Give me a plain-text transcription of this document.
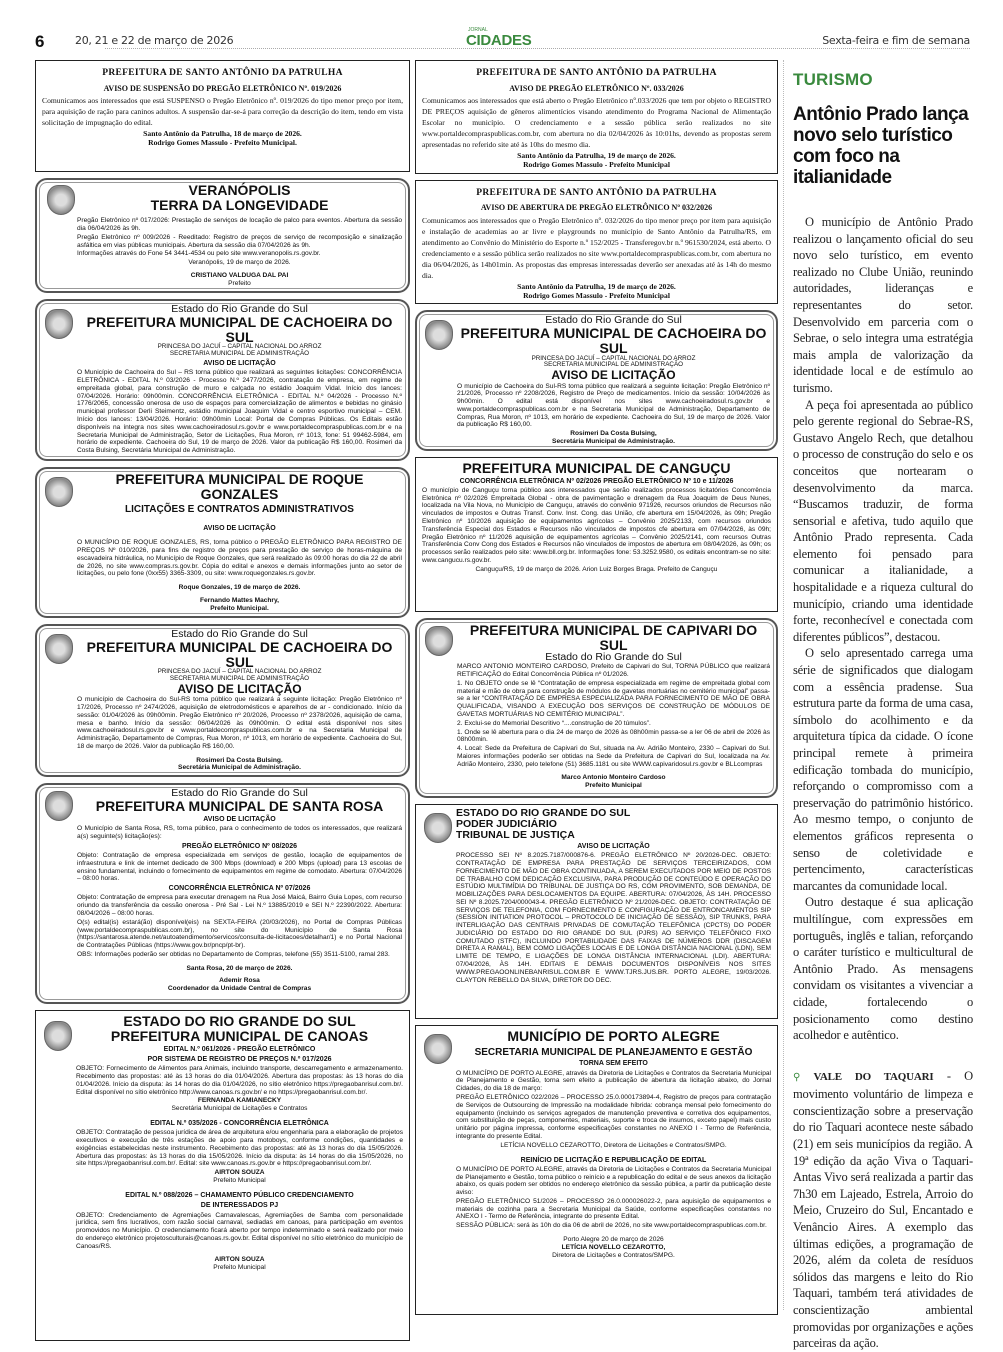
6	20, 21 e 22 de março de 2026
JORNAL
CIDADES	Sexta-feira e fim de semana
PREFEITURA DE SANTO ANTÔNIO DA PATRULHA
AVISO DE SUSPENSÃO DO PREGÃO ELETRÔNICO Nº. 019/2026
Comunicamos aos interessados que está SUSPENSO o Pregão Eletrônico nº. 019/2026 do tipo menor preço por item, para aquisição de ração para caninos adultos. A suspensão dar-se-á para correção da descrição do item, tendo em vista solicitação de impugnação do edital.
Santo Antônio da Patrulha, 18 de março de 2026.
Rodrigo Gomes Massulo - Prefeito Municipal.
VERANÓPOLIS
TERRA DA LONGEVIDADE
Pregão Eletrônico nº 017/2026: Prestação de serviços de locação de palco para eventos. Abertura da sessão dia 06/04/2026 às 9h.
Pregão Eletrônico nº 009/2026 - Reeditado: Registro de preços de serviço de recomposição e sinalização asfáltica em vias públicas municipais. Abertura da sessão dia 07/04/2026 às 9h.
Informações através do Fone 54 3441-4534 ou pelo site www.veranopolis.rs.gov.br.
Veranópolis, 19 de março de 2026.
CRISTIANO VALDUGA DAL PAI
Prefeito
Estado do Rio Grande do Sul
PREFEITURA MUNICIPAL DE CACHOEIRA DO SUL
PRINCESA DO JACUÍ – CAPITAL NACIONAL DO ARROZ
SECRETARIA MUNICIPAL DE ADMINISTRAÇÃO
AVISO DE LICITAÇÃO
O Município de Cachoeira do Sul – RS torna público que realizará as seguintes licitações: CONCORRÊNCIA ELETRÔNICA - EDITAL N.º 03/2026 - Processo N.º 2477/2026, contratação de empresa, em regime de empreitada global, para construção de muro e calçada no estádio Joaquim Vidal. Início dos lances: 07/04/2026. Horário: 09h00min. CONCORRÊNCIA ELETRÔNICA - EDITAL N.º 04/2026 - Processo N.º 1776/2065, concessão onerosa de uso de espaços para comercialização de alimentos e bebidas no ginásio municipal professor Derli Steimentz, estádio municipal Joaquim Vidal e centro esportivo municipal – CEM. Início dos lances: 13/04/2026. Horário: 09h00min Local: Portal de Compras Públicas. Os Editais estão disponíveis na íntegra nos sites www.cachoeiradosul.rs.gov.br e www.portaldecompraspublicas.com.br e na Secretaria Municipal de Administração, Setor de Licitações, Rua Moron, nº 1013, fone: 51 99462-5984, em horário de expediente. Cachoeira do Sul, 19 de março de 2026. Valor da publicação R$ 160,00. Rosimeri da Costa Bulsing, Secretária Municipal de Administração.
PREFEITURA MUNICIPAL DE ROQUE GONZALES
LICITAÇÕES E CONTRATOS ADMINISTRATIVOS
AVISO DE LICITAÇÃO
O MUNICÍPIO DE ROQUE GONZALES, RS, torna público o PREGÃO ELETRÔNICO PARA REGISTRO DE PREÇOS Nº 010/2026, para fins de registro de preços para prestação de serviço de horas-máquina de escavadeira hidráulica, no Município de Roque Gonzales, que será realizado às 09:00 horas do dia 22 de abril de 2026, no site www.compras.rs.gov.br. Cópia do edital e anexos e demais informações junto ao setor de licitações, ou pelo fone (0xx55) 3365-3309, ou site: www.roquegonzales.rs.gov.br.
Roque Gonzales, 19 de março de 2026.
Fernando Mattes Machry,
Prefeito Municipal.
Estado do Rio Grande do Sul
PREFEITURA MUNICIPAL DE CACHOEIRA DO SUL
PRINCESA DO JACUÍ – CAPITAL NACIONAL DO ARROZ
SECRETARIA MUNICIPAL DE ADMINISTRAÇÃO
AVISO DE LICITAÇÃO
O município de Cachoeira do Sul-RS torna público que realizará a seguinte licitação: Pregão Eletrônico nº 17/2026, Processo nº 2474/2026, aquisição de eletrodomésticos e aparelhos de ar - condicionado. Início da sessão: 01/04/2026 às 09h00min. Pregão Eletrônico nº 20/2026, Processo nº 2378/2026, aquisição de cama, mesa e banho. Início da sessão: 06/04/2026 às 09h00min. O edital está disponível nos sites www.cachoeiradosul.rs.gov.br e www.portaldecompraspublicas.com.br e na Secretaria Municipal de Administração, Departamento de Compras, Rua Moron, nº 1013, em horário de expediente. Cachoeira do Sul, 18 de março de 2026. Valor da publicação R$ 160,00.
Rosimeri Da Costa Bulsing.
Secretária Municipal de Administração.
Estado do Rio Grande do Sul
PREFEITURA MUNICIPAL DE SANTA ROSA
AVISO DE LICITAÇÃO
O Município de Santa Rosa, RS, torna público, para o conhecimento de todos os interessados, que realizará a(s) seguinte(s) licitação(es):
PREGÃO ELETRÔNICO Nº 08/2026
Objeto: Contratação de empresa especializada em serviços de gestão, locação de equipamentos de infraestrutura e link de internet dedicado de 300 Mbps (download) e 200 Mbps (upload) para 13 escolas de ensino fundamental, incluindo o fornecimento de equipamentos em regime de comodato. Abertura: 07/04/2026 – 08:00 horas.
CONCORRÊNCIA ELETRÔNICA Nº 07/2026
Objeto: Contratação de empresa para executar drenagem na Rua José Maicá, Bairro Guia Lopes, com recurso oriundo da transferência da cessão onerosa - Pré Sal - Lei N.º 13885/2019 e SEI N.º 22390/2022. Abertura: 08/04/2026 – 08:00 horas.
O(s) edital(is) estará(ão) disponível(eis) na SEXTA-FEIRA (20/03/2026), no Portal de Compras Públicas (www.portaldecompraspublicas.com.br), no site do Município de Santa Rosa (https://santarosa.atende.net/autoatendimento/servicos/consulta-de-licitacoes/detalhar/1) e no Portal Nacional de Contratações Públicas (https://www.gov.br/pncp/pt-br).
OBS: Informações poderão ser obtidas no Departamento de Compras, telefone (55) 3511-5100, ramal 283.
Santa Rosa, 20 de março de 2026.
Ademir Rosa
Coordenador da Unidade Central de Compras
ESTADO DO RIO GRANDE DO SUL
PREFEITURA MUNICIPAL DE CANOAS
EDITAL N.º 061/2026 - PREGÃO ELETRÔNICO
POR SISTEMA DE REGISTRO DE PREÇOS N.º 017/2026
OBJETO: Fornecimento de Alimentos para Animais, incluindo transporte, descarregamento e armazenamento. Recebimento das propostas: até às 13 horas do dia 01/04/2026. Abertura das propostas: às 13 horas do dia 01/04/2026. Início da disputa: às 14 horas do dia 01/04/2026, no sítio eletrônico https://pregaobanrisul.com.br/. Edital disponível no sítio eletrônico http://www.canoas.rs.gov.br/ e no https://pregaobanrisul.com.br/.
FERNANDA KAMIANECKY
Secretária Municipal de Licitações e Contratos
EDITAL N.º 035/2026 - CONCORRÊNCIA ELETRÔNICA
OBJETO: Contratação de pessoa jurídica de área de arquitetura e/ou engenharia para a elaboração de projetos executivos e execução de três estações de apoio para motoboys, conforme condições, quantidades e exigências estabelecidas neste instrumento. Recebimento das propostas: até às 13 horas do dia 15/05/2026. Abertura das propostas: às 13 horas do dia 15/05/2026. Início da disputa: às 14 horas do dia 15/05/2026, no site https://pregaobanrisul.com.br/. Edital: site www.canoas.rs.gov.br e https://pregaobanrisul.com.br/.
AIRTON SOUZA
Prefeito Municipal
EDITAL N.º 088/2026 – CHAMAMENTO PÚBLICO CREDENCIAMENTO
DE INTERESSADOS PJ
OBJETO: Credenciamento de Agremiações Carnavalescas, Agremiações de Samba com personalidade jurídica, sem fins lucrativos, com razão social carnaval, sediadas em canoas, para participação em eventos promovidos no Município. O credenciamento ficará aberto por tempo indeterminado e será realizado por meio do endereço eletrônico projetosculturais@canoas.rs.gov.br. Edital disponível no sítio eletrônico do município de Canoas/RS.
AIRTON SOUZA
Prefeito Municipal
PREFEITURA DE SANTO ANTÔNIO DA PATRULHA
AVISO DE PREGÃO ELETRÔNICO Nº. 033/2026
Comunicamos aos interessados que está aberto o Pregão Eletrônico nº.033/2026 que tem por objeto o REGISTRO DE PREÇOS aquisição de gêneros alimentícios visando atendimento do Programa Nacional de Alimentação Escolar no município. O credenciamento e a sessão pública serão realizados no site www.portaldecompraspublicas.com.br, com abertura no dia 02/04/2026 às 10:01hs, devendo as propostas serem apresentadas no referido site até às 10hs do mesmo dia.
Santo Antônio da Patrulha, 19 de março de 2026.
Rodrigo Gomes Massulo - Prefeito Municipal
PREFEITURA DE SANTO ANTÔNIO DA PATRULHA
AVISO DE ABERTURA DE PREGÃO ELETRÔNICO Nº 032/2026
Comunicamos aos interessados que o Pregão Eletrônico nº. 032/2026 do tipo menor preço por item para aquisição e instalação de academias ao ar livre e playgrounds no município de Santo Antônio da Patrulha/RS, em atendimento ao Convênio do Ministério do Esporte n.º 152/2025 - Transferegov.br n.º 961530/2024, está aberto. O credenciamento e a sessão pública serão realizados no site www.portaldecompraspublicas.com.br, com abertura no dia 06/04/2026, às 14h01min. As propostas das empresas interessadas deverão ser anexadas até às 14h do mesmo dia.
Santo Antônio da Patrulha, 19 de março de 2026.
Rodrigo Gomes Massulo - Prefeito Municipal
Estado do Rio Grande do Sul
PREFEITURA MUNICIPAL DE CACHOEIRA DO SUL
PRINCESA DO JACUÍ – CAPITAL NACIONAL DO ARROZ
SECRETARIA MUNICIPAL DE ADMINISTRAÇÃO
AVISO DE LICITAÇÃO
O município de Cachoeira do Sul-RS torna público que realizará a seguinte licitação: Pregão Eletrônico nº 21/2026, Processo nº 2208/2026, Registro de Preço de medicamentos. Início da sessão: 10/04/2026 às 9h00min. O edital está disponível nos sites www.cachoeiradosul.rs.gov.br e www.portaldecompraspublicas.com.br e na Secretaria Municipal de Administração, Departamento de Compras, Rua Moron, nº 1013, em horário de expediente. Cachoeira do Sul, 19 de março de 2026. Valor da publicação R$ 160,00.
Rosimeri Da Costa Bulsing,
Secretária Municipal de Administração.
PREFEITURA MUNICIPAL DE CANGUÇU
CONCORRÊNCIA ELETRÔNICA Nº 02/2026 PREGÃO ELETRÔNICO Nº 10 e 11/2026
O município de Canguçu torna público aos interessados que serão realizados processos licitatórios Concorrência Eletrônica nº 02/2026 Empreitada Global - obra de pavimentação e drenagem da Rua Joaquim de Deus Nunes, localizada na Vila Nova, no Município de Canguçu, através do convênio 971926, recursos oriundos de Recursos não vinculados de impostos e Outras Transf. Conv. Inst. Cong. das União, cfe abertura em 15/04/2026, às 09h; Pregão Eletrônico nº 10/2026 aquisição de equipamentos agrícolas – Convênio 2025/2133, com recursos oriundos Transferência Especial dos Estados e Recursos não vinculados de impostos cfe abertura em 07/04/2026, às 09h; Pregão Eletrônico nº 11/2026 aquisição de equipamentos agrícolas – Convênio 2025/2141, com recursos Outras Transferência Conv Cong dos Estados e Recursos não vinculados de impostos de abertura em 08/04/2026, às 09h; os processos serão realizados pelo site: www.bll.org.br. Informações fone: 53.3252.9580, os editais encontram-se no site: www.cangucu.rs.gov.br.
Canguçu/RS, 19 de março de 2026. Arion Luiz Borges Braga. Prefeito de Canguçu
PREFEITURA MUNICIPAL DE CAPIVARI DO SUL
Estado do Rio Grande do Sul
MARCO ANTONIO MONTEIRO CARDOSO, Prefeito de Capivari do Sul, TORNA PÚBLICO que realizará RETIFICAÇÃO do Edital Concorrência Pública nº 01/2026.
1. No OBJETO onde se lê “Contratação de empresa especializada em regime de empreitada global com material e mão de obra para construção de módulos de gavetas mortuárias no cemitério municipal” passa-se a ler “CONTRATAÇÃO DE EMPRESA ESPECIALIZADA PARA FORNECIMENTO DE MÃO DE OBRA QUALIFICADA, VISANDO A EXECUÇÃO DOS SERVIÇOS DE CONSTRUÇÃO DE MÓDULOS DE GAVETAS MORTUÁRIAS NO CEMITÉRIO MUNICIPAL”.
2. Exclui-se do Memorial Descritivo “....construção de 20 túmulos”.
1. Onde se lê abertura para o dia 24 de março de 2026 às 08h00min passa-se a ler 06 de abril de 2026 às 08h00min.
4. Local: Sede da Prefeitura de Capivari do Sul, situada na Av. Adrião Monteiro, 2330 – Capivari do Sul. Maiores informações poderão ser obtidas na Sede da Prefeitura de Capivari do Sul, localizada na Av. Adrião Monteiro, 2330, pelo telefone (51) 3685.1181 ou site WWW.capivaridosul.rs.gov.br e BLLcompras
Marco Antonio Monteiro Cardoso
Prefeito Municipal
ESTADO DO RIO GRANDE DO SUL
PODER JUDICIÁRIO
TRIBUNAL DE JUSTIÇA
AVISO DE LICITAÇÃO
PROCESSO SEI Nº 8.2025.7187/000876-6. PREGÃO ELETRÔNICO Nº 20/2026-DEC. OBJETO: CONTRATAÇÃO DE EMPRESA PARA PRESTAÇÃO DE SERVIÇOS TERCEIRIZADOS, COM FORNECIMENTO DE MÃO DE OBRA CONTINUADA, A SEREM EXECUTADOS POR MEIO DE POSTOS DE TRABALHO COM DEDICAÇÃO EXCLUSIVA, PARA PRODUÇÃO DE CONTEÚDO E OPERAÇÃO DO ESTÚDIO MULTIMÍDIA DO TRIBUNAL DE JUSTIÇA DO RS, COM PROVIMENTO, SOB DEMANDA, DE MOBILIZAÇÕES PARA DESLOCAMENTOS DA EQUIPE. ABERTURA: 07/04/2026, ÀS 14H. PROCESSO SEI Nº 8.2025.7204/000043-4. PREGÃO ELETRÔNICO Nº 21/2026-DEC. OBJETO: CONTRATAÇÃO DE SERVIÇOS DE TELEFONIA, COM FORNECIMENTO E CONFIGURAÇÃO DE ENTRONCAMENTOS SIP (SESSION INITIATION PROTOCOL – PROTOCOLO DE INICIAÇÃO DE SESSÃO), SIP TRUNKS, PARA INTERLIGAÇÃO DAS CENTRAIS PRIVADAS DE COMUTAÇÃO TELEFÔNICA (CPCTS) DO PODER JUDICIÁRIO DO ESTADO DO RIO GRANDE DO SUL (PJRS) AO SERVIÇO TELEFÔNICO FIXO COMUTADO (STFC), INCLUINDO PORTABILIDADE DAS FAIXAS DE NÚMEROS DDR (DISCAGEM DIRETA A RAMAL), BEM COMO LIGAÇÕES LOCAIS E DE LONGA DISTÂNCIA NACIONAL (LDN), SEM LIMITE DE TEMPO, E LIGAÇÕES DE LONGA DISTÂNCIA INTERNACIONAL (LDI). ABERTURA: 07/04/2026, ÀS 14H. EDITAIS E DEMAIS DOCUMENTOS DISPONÍVEIS NOS SITES WWW.PREGAOONLINEBANRISUL.COM.BR E WWW.TJRS.JUS.BR. PORTO ALEGRE, 19/03/2026. CLAYTON REBELLO DA SILVA, DIRETOR DO DEC.
MUNICÍPIO DE PORTO ALEGRE
SECRETARIA MUNICIPAL DE PLANEJAMENTO E GESTÃO
TORNA SEM EFEITO
O MUNICÍPIO DE PORTO ALEGRE, através da Diretoria de Licitações e Contratos da Secretaria Municipal de Planejamento e Gestão, torna sem efeito a publicação de abertura da licitação abaixo, do Jornal Cidades, do dia 18 de março:
PREGÃO ELETRÔNICO 022/2026 – PROCESSO 25.0.000173894-4, Registro de preços para contratação de Serviços de Outsourcing de Impressão na modalidade híbrida: cobrança mensal pelo fornecimento do equipamento (incluindo os serviços agregados de manutenção preventiva e corretiva dos equipamentos, com substituição de peças, componentes, materiais, suporte e troca de insumos, exceto papel) mais custo unitário por página impressa, conforme especificações constantes no ANEXO I - Termo de Referência, integrante do presente Edital.
LETÍCIA NOVELLO CEZAROTTO, Diretora de Licitações e Contratos/SMPG.
REINÍCIO DE LICITAÇÃO E REPUBLICAÇÃO DE EDITAL
O MUNICÍPIO DE PORTO ALEGRE, através da Diretoria de Licitações e Contratos da Secretaria Municipal de Planejamento e Gestão, torna público o reinício e a republicação do edital e de seus anexos da licitação abaixo, os quais podem ser obtidos no endereço eletrônico da sessão pública, a partir da publicação deste aviso:
PREGÃO ELETRÔNICO 51/2026 – PROCESSO 26.0.000026022-2, para aquisição de equipamentos e materiais de cozinha para a Secretaria Municipal da Saúde, conforme especificações constantes no ANEXO I - Termo de Referência, integrante do presente Edital.
SESSÃO PÚBLICA: será às 10h do dia 06 de abril de 2026, no site www.portaldecompraspublicas.com.br.
Porto Alegre 20 de março de 2026
LETÍCIA NOVELLO CEZAROTTO,
Diretora de Licitações e Contratos/SMPG.
TURISMO
Antônio Prado lança novo selo turístico com foco na italianidade

O município de Antônio Prado realizou o lançamento oficial do seu novo selo turístico, em evento realizado no Clube União, reunindo autoridades, lideranças e representantes do setor. Desenvolvido em parceria com o Sebrae, o selo integra uma estratégia mais ampla de valorização da identidade local e de estímulo ao turismo.

A peça foi apresentada ao público pelo gerente regional do Sebrae-RS, Gustavo Angelo Rech, que detalhou o processo de construção do selo e os conceitos que nortearam o desenvolvimento da marca. “Buscamos traduzir, de forma sensorial e afetiva, tudo aquilo que Antônio Prado representa. Cada elemento foi pensado para comunicar a italianidade, a hospitalidade e a riqueza cultural do município, criando uma identidade forte, reconhecível e conectada com diferentes públicos”, destacou.

O selo apresentado carrega uma série de significados que dialogam com a essência pradense. Sua estrutura parte da forma de uma casa, símbolo do acolhimento e da arquitetura típica da cidade. O ícone principal remete à primeira edificação tombada do município, reforçando o compromisso com a preservação do patrimônio histórico. Ao mesmo tempo, o conjunto de elementos gráficos representa o senso de coletividade e pertencimento, características marcantes da comunidade local.

Outro destaque é sua aplicação multilíngue, com expressões em português, inglês e talian, reforçando o caráter turístico e multicultural de Antônio Prado. As mensagens convidam os visitantes a vivenciar a cidade, fortalecendo o posicionamento como destino acolhedor e autêntico.

⚲ VALE DO TAQUARI - O movimento voluntário de limpeza e conscientização sobre a preservação do rio Taquari acontece neste sábado (21) em seis municípios da região. A 19ª edição da ação Viva o Taquari-Antas Vivo será realizada a partir das 7h30 em Lajeado, Estrela, Arroio do Meio, Cruzeiro do Sul, Encantado e Venâncio Aires. A exemplo das últimas edições, a programação de 2026, além da coleta de resíduos sólidos das margens e leito do Rio Taquari, também terá atividades de conscientização ambiental promovidas por organizações e ações parceiras da ação.
